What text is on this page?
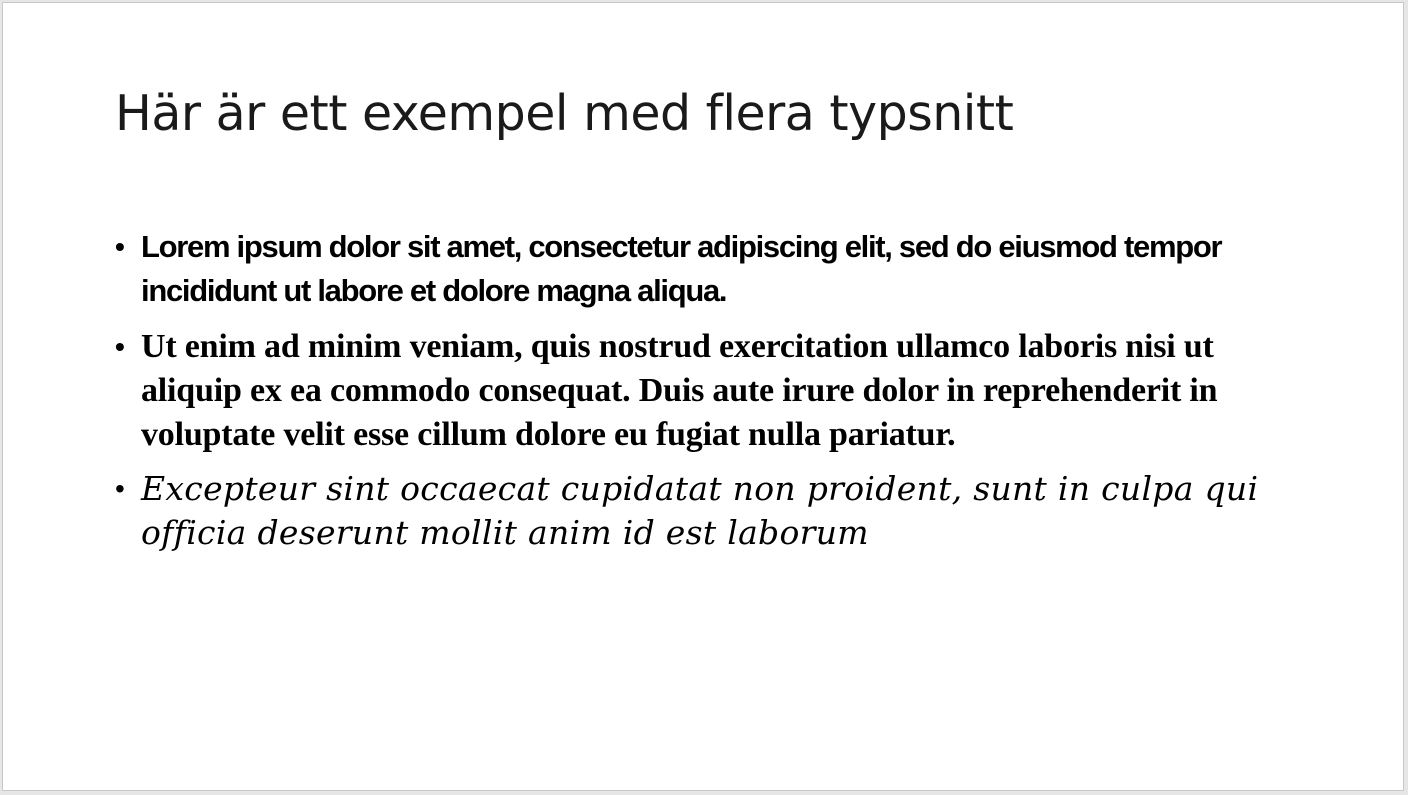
Här är ett exempel med flera typsnitt
• Lorem ipsum dolor sit amet, consectetur adipiscing elit, sed do eiusmod tempor incididunt ut labore et dolore magna aliqua.
• Ut enim ad minim veniam, quis nostrud exercitation ullamco laboris nisi ut aliquip ex ea commodo consequat. Duis aute irure dolor in reprehenderit in voluptate velit esse cillum dolore eu fugiat nulla pariatur.
• Excepteur sint occaecat cupidatat non proident, sunt in culpa qui officia deserunt mollit anim id est laborum
